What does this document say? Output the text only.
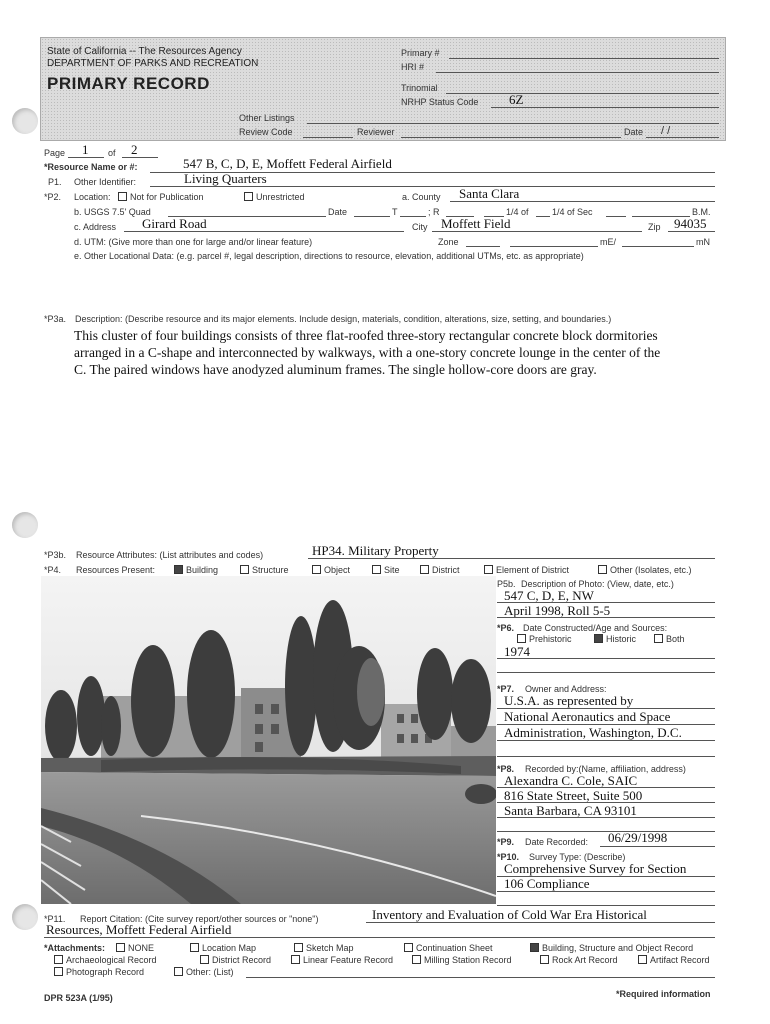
State of California -- The Resources Agency
DEPARTMENT OF PARKS AND RECREATION
PRIMARY RECORD
Primary #
HRI #
Trinomial
NRHP Status Code 6Z
Other Listings
Review Code	Reviewer	Date / /
Page 1 of 2
*Resource Name or #:	547 B, C, D, E, Moffett Federal Airfield
P1. Other Identifier:	Living Quarters
*P2. Location:	Not for Publication	Unrestricted	a. County Santa Clara
b. USGS 7.5' Quad	Date	T	; R	1/4 of	1/4 of Sec	B.M.
c. Address Girard Road	City Moffett Field	Zip 94035
d. UTM: (Give more than one for large and/or linear feature)	Zone	mE/	mN
e. Other Locational Data: (e.g. parcel #, legal description, directions to resource, elevation, additional UTMs, etc. as appropriate)
*P3a. Description: (Describe resource and its major elements. Include design, materials, condition, alterations, size, setting, and boundaries.)
This cluster of four buildings consists of three flat-roofed three-story rectangular concrete block dormitories
arranged in a C-shape and interconnected by walkways, with a one-story concrete lounge in the center of the
C. The paired windows have anodyzed aluminum frames. The single hollow-core doors are gray.
*P3b. Resource Attributes: (List attributes and codes)	HP34. Military Property
*P4. Resources Present:	Building	Structure	Object	Site	District	Element of District	Other (Isolates, etc.)
P5b. Description of Photo: (View, date, etc.)
547 C, D, E, NW
April 1998, Roll 5-5
*P6. Date Constructed/Age and Sources:
Prehistoric	Historic	Both
1974
*P7. Owner and Address:
U.S.A. as represented by
National Aeronautics and Space
Administration, Washington, D.C.
*P8. Recorded by:(Name, affiliation, address)
Alexandra C. Cole, SAIC
816 State Street, Suite 500
Santa Barbara, CA 93101
*P9. Date Recorded: 06/29/1998
*P10. Survey Type: (Describe)
Comprehensive Survey for Section
106 Compliance
*P11. Report Citation: (Cite survey report/other sources or "none")	Inventory and Evaluation of Cold War Era Historical
Resources, Moffett Federal Airfield
*Attachments:	NONE	Location Map	Sketch Map	Continuation Sheet	Building, Structure and Object Record
Archaeological Record	District Record	Linear Feature Record	Milling Station Record	Rock Art Record	Artifact Record
Photograph Record	Other: (List)
DPR 523A (1/95)	*Required information
